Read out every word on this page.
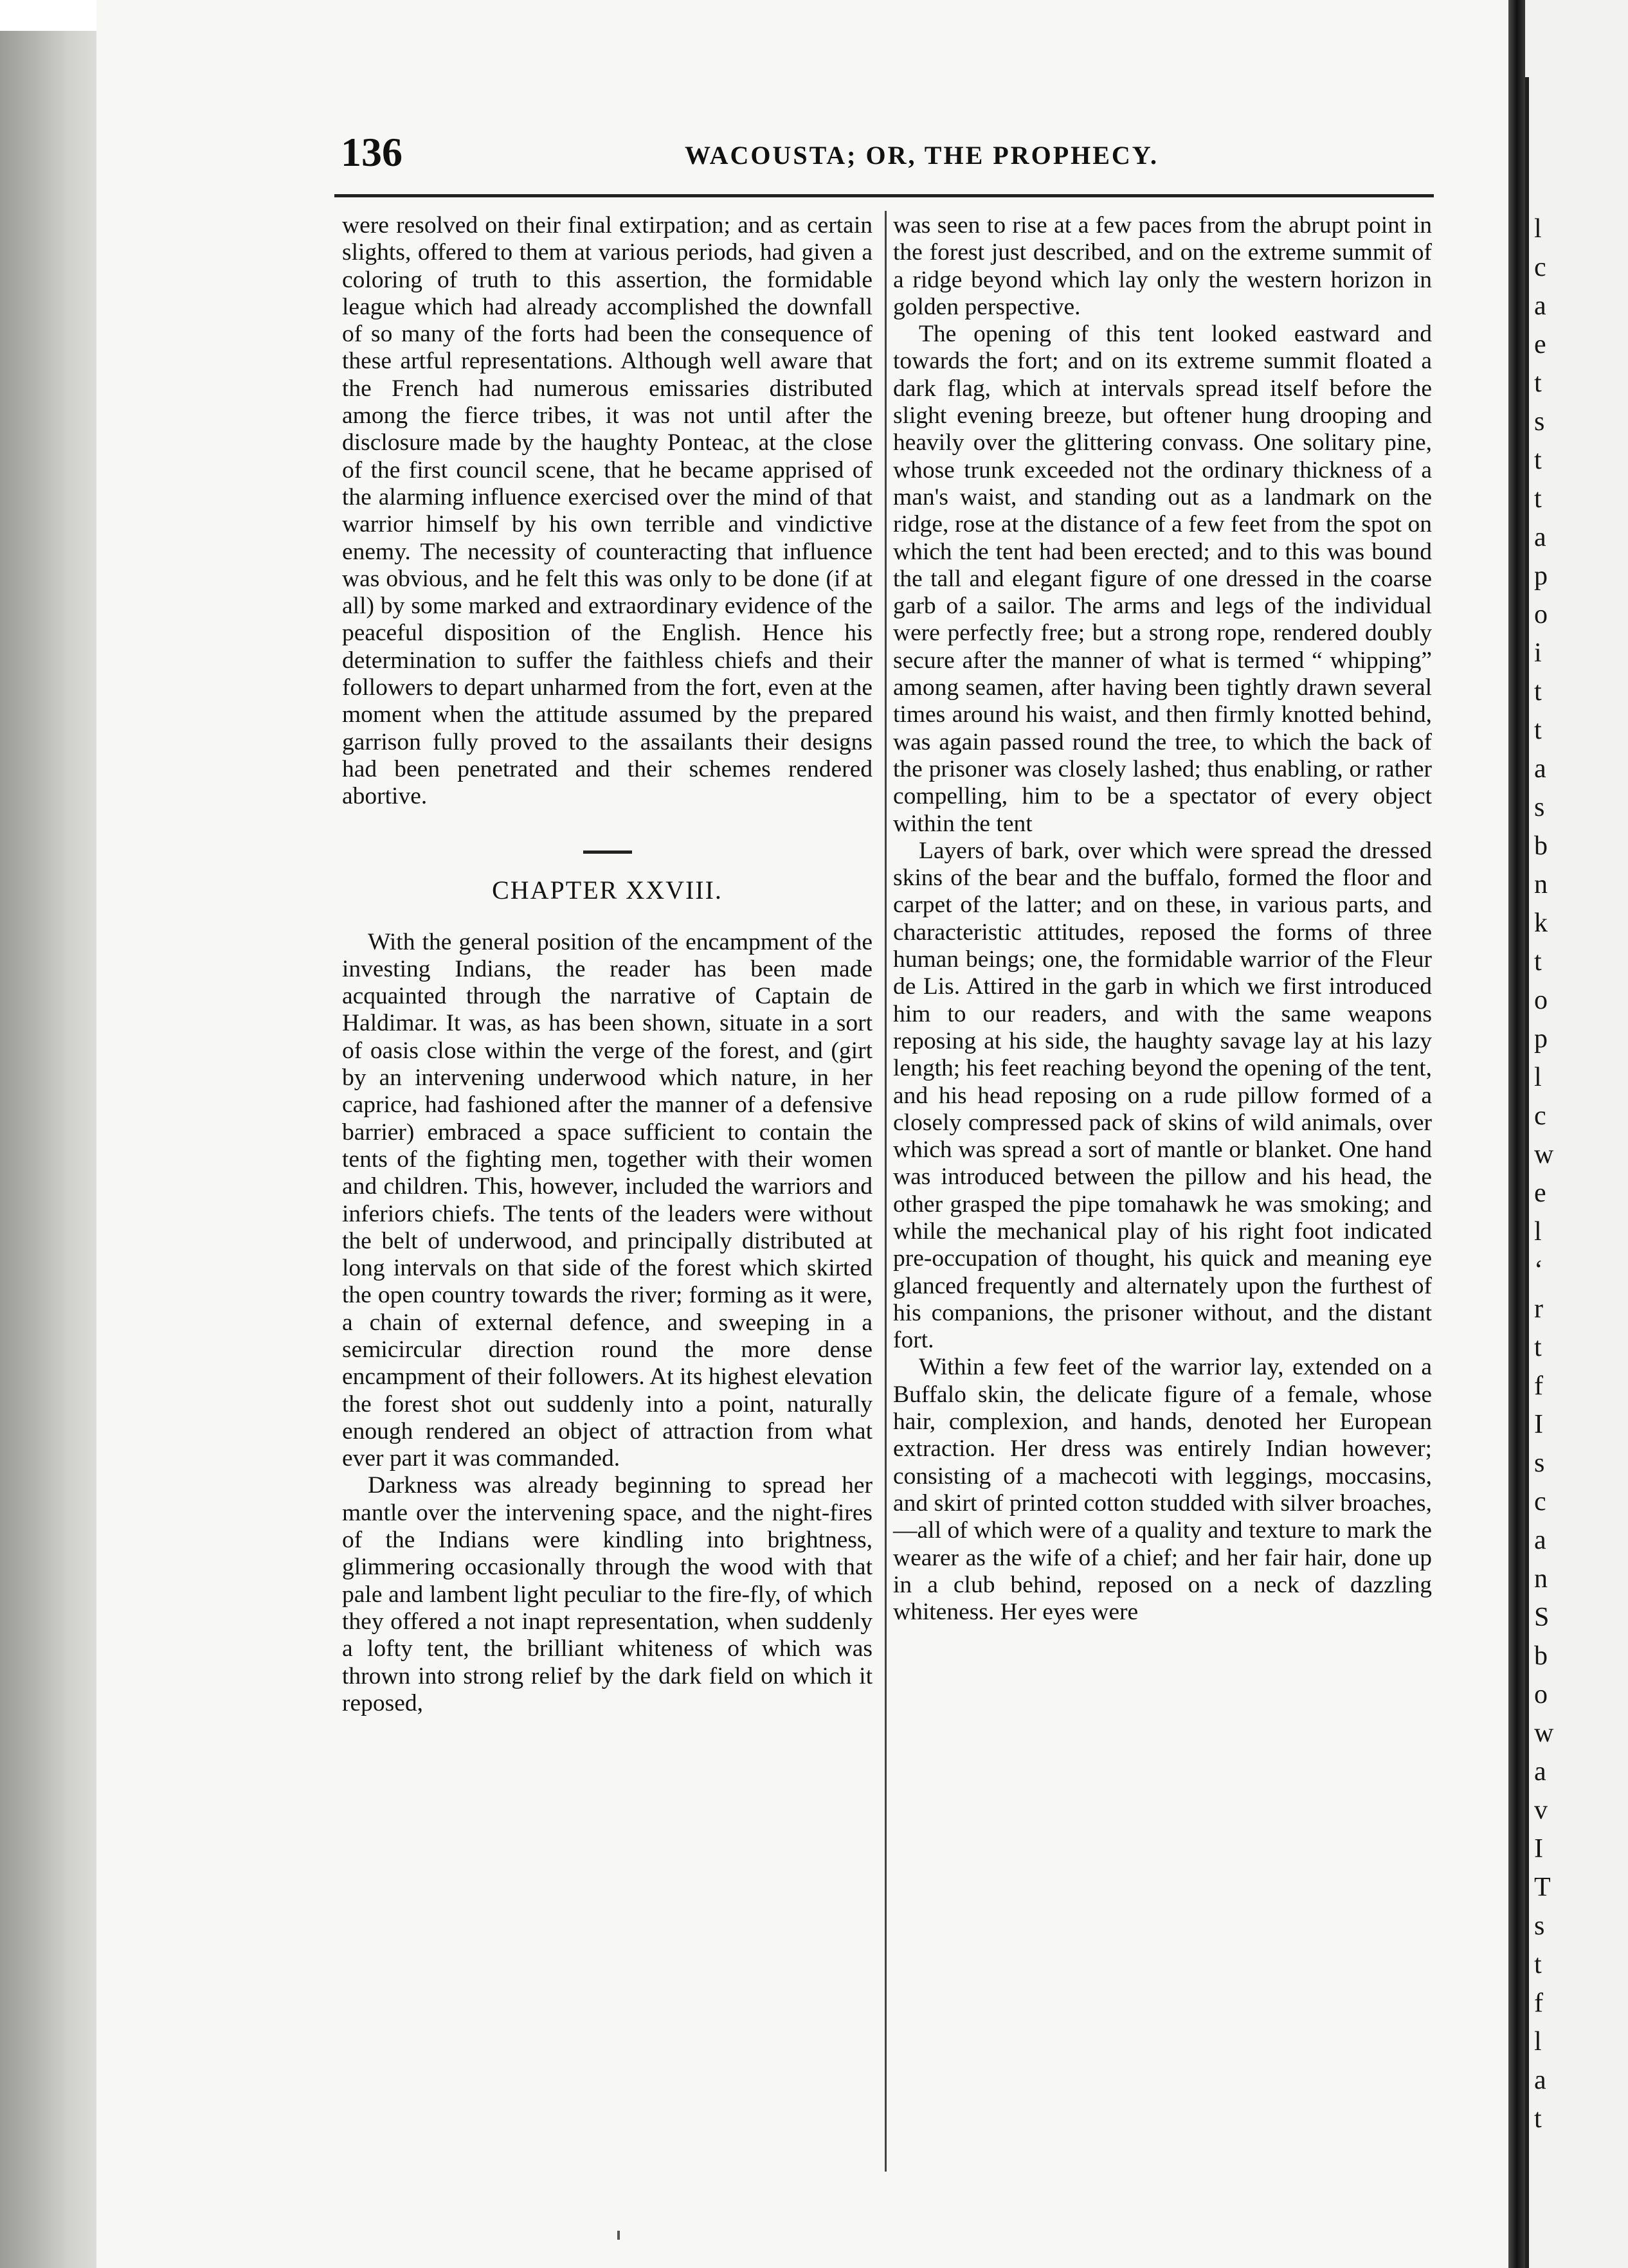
136	WACOUSTA; OR, THE PROPHECY.

were resolved on their final extirpation; and as certain slights, offered to them at various periods, had given a coloring of truth to this assertion, the formidable league which had already accomplished the downfall of so many of the forts had been the consequence of these artful representations. Although well aware that the French had numerous emissaries distributed among the fierce tribes, it was not until after the disclosure made by the haughty Ponteac, at the close of the first council scene, that he became apprised of the alarming influence exercised over the mind of that warrior himself by his own terrible and vindictive enemy. The necessity of counteracting that influence was obvious, and he felt this was only to be done (if at all) by some marked and extraordinary evidence of the peaceful disposition of the English. Hence his determination to suffer the faithless chiefs and their followers to depart unharmed from the fort, even at the moment when the attitude assumed by the prepared garrison fully proved to the assailants their designs had been penetrated and their schemes rendered abortive.

CHAPTER XXVIII.

With the general position of the encampment of the investing Indians, the reader has been made acquainted through the narrative of Captain de Haldimar. It was, as has been shown, situate in a sort of oasis close within the verge of the forest, and (girt by an intervening underwood which nature, in her caprice, had fashioned after the manner of a defensive barrier) embraced a space sufficient to contain the tents of the fighting men, together with their women and children. This, however, included the warriors and inferiors chiefs. The tents of the leaders were without the belt of underwood, and principally distributed at long intervals on that side of the forest which skirted the open country towards the river; forming as it were, a chain of external defence, and sweeping in a semicircular direction round the more dense encampment of their followers. At its highest elevation the forest shot out suddenly into a point, naturally enough rendered an object of attraction from what ever part it was commanded.

Darkness was already beginning to spread her mantle over the intervening space, and the night-fires of the Indians were kindling into brightness, glimmering occasionally through the wood with that pale and lambent light peculiar to the fire-fly, of which they offered a not inapt representation, when suddenly a lofty tent, the brilliant whiteness of which was thrown into strong relief by the dark field on which it reposed,

was seen to rise at a few paces from the abrupt point in the forest just described, and on the extreme summit of a ridge beyond which lay only the western horizon in golden perspective.

The opening of this tent looked eastward and towards the fort; and on its extreme summit floated a dark flag, which at intervals spread itself before the slight evening breeze, but oftener hung drooping and heavily over the glittering convass. One solitary pine, whose trunk exceeded not the ordinary thickness of a man's waist, and standing out as a landmark on the ridge, rose at the distance of a few feet from the spot on which the tent had been erected; and to this was bound the tall and elegant figure of one dressed in the coarse garb of a sailor. The arms and legs of the individual were perfectly free; but a strong rope, rendered doubly secure after the manner of what is termed “ whipping” among seamen, after having been tightly drawn several times around his waist, and then firmly knotted behind, was again passed round the tree, to which the back of the prisoner was closely lashed; thus enabling, or rather compelling, him to be a spectator of every object within the tent

Layers of bark, over which were spread the dressed skins of the bear and the buffalo, formed the floor and carpet of the latter; and on these, in various parts, and characteristic attitudes, reposed the forms of three human beings; one, the formidable warrior of the Fleur de Lis. Attired in the garb in which we first introduced him to our readers, and with the same weapons reposing at his side, the haughty savage lay at his lazy length; his feet reaching beyond the opening of the tent, and his head reposing on a rude pillow formed of a closely compressed pack of skins of wild animals, over which was spread a sort of mantle or blanket. One hand was introduced between the pillow and his head, the other grasped the pipe tomahawk he was smoking; and while the mechanical play of his right foot indicated pre-occupation of thought, his quick and meaning eye glanced frequently and alternately upon the furthest of his companions, the prisoner without, and the distant fort.

Within a few feet of the warrior lay, extended on a Buffalo skin, the delicate figure of a female, whose hair, complexion, and hands, denoted her European extraction. Her dress was entirely Indian however; consisting of a machecoti with leggings, moccasins, and skirt of printed cotton studded with silver broaches,—all of which were of a quality and texture to mark the wearer as the wife of a chief; and her fair hair, done up in a club behind, reposed on a neck of dazzling whiteness. Her eyes were

l
c
a
e
t
s
t
t
a
p
o
i
t
t
a
s
b
n
k
t
o
p
l
c
w
e
l
‘
r
t
f
I
s
c
a
n
S
b
o
w
a
v
I
T
s
t
f
l
a
t
